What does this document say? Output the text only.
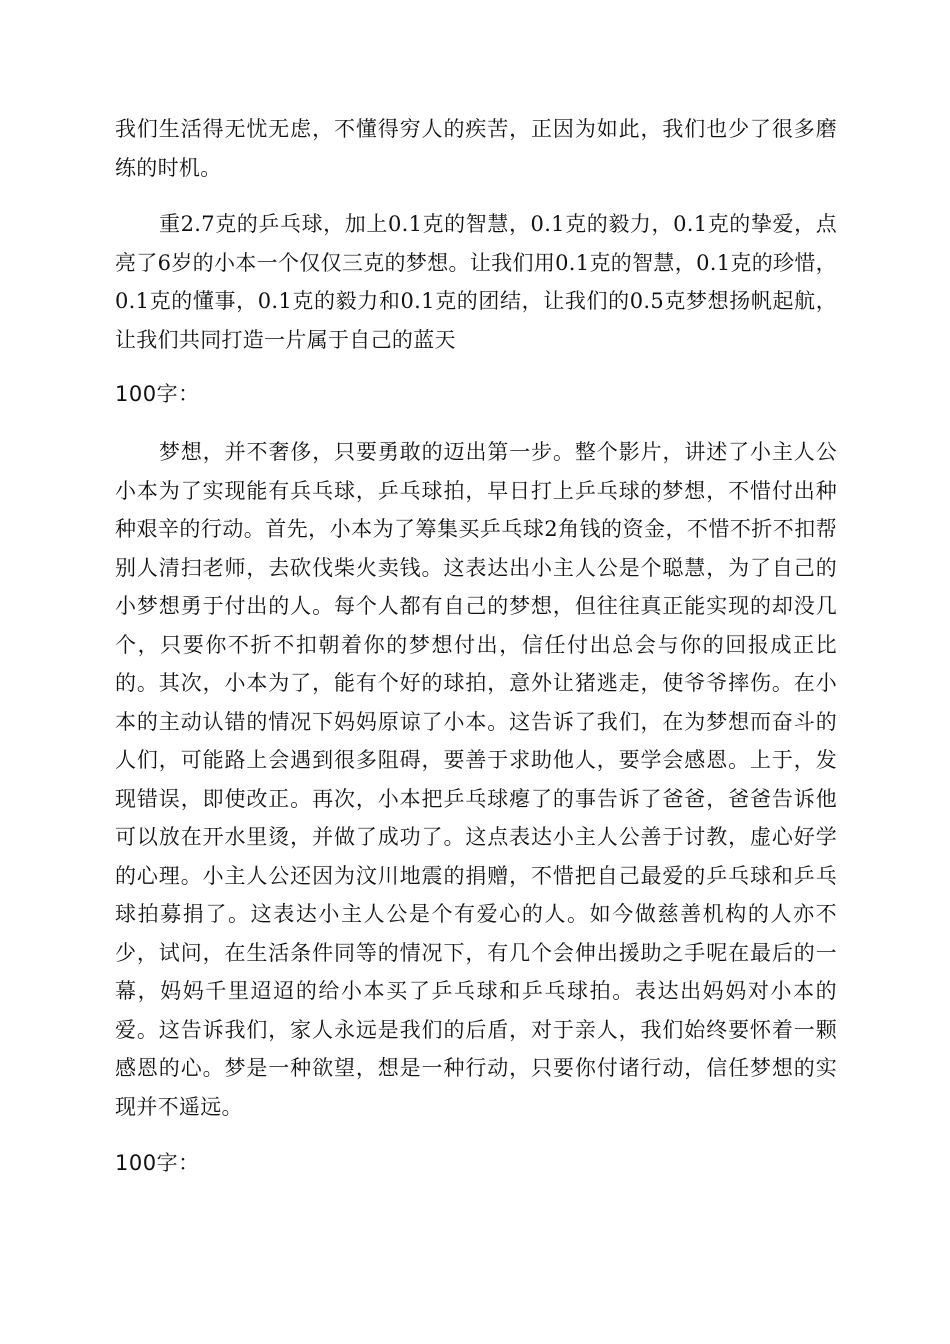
我们生活得无忧无虑，不懂得穷人的疾苦，正因为如此，我们也少了很多磨练的时机。

重2.7克的乒乓球，加上0.1克的智慧，0.1克的毅力，0.1克的挚爱，点亮了6岁的小本一个仅仅三克的梦想。让我们用0.1克的智慧，0.1克的珍惜，0.1克的懂事，0.1克的毅力和0.1克的团结，让我们的0.5克梦想扬帆起航，让我们共同打造一片属于自己的蓝天

100字：

梦想，并不奢侈，只要勇敢的迈出第一步。整个影片，讲述了小主人公小本为了实现能有兵乓球，乒乓球拍，早日打上乒乓球的梦想，不惜付出种种艰辛的行动。首先，小本为了筹集买乒乓球2角钱的资金，不惜不折不扣帮别人清扫老师，去砍伐柴火卖钱。这表达出小主人公是个聪慧，为了自己的小梦想勇于付出的人。每个人都有自己的梦想，但往往真正能实现的却没几个，只要你不折不扣朝着你的梦想付出，信任付出总会与你的回报成正比的。其次，小本为了，能有个好的球拍，意外让猪逃走，使爷爷摔伤。在小本的主动认错的情况下妈妈原谅了小本。这告诉了我们，在为梦想而奋斗的人们，可能路上会遇到很多阻碍，要善于求助他人，要学会感恩。上于，发现错误，即使改正。再次，小本把乒乓球瘪了的事告诉了爸爸，爸爸告诉他可以放在开水里烫，并做了成功了。这点表达小主人公善于讨教，虚心好学的心理。小主人公还因为汶川地震的捐赠，不惜把自己最爱的乒乓球和乒乓球拍募捐了。这表达小主人公是个有爱心的人。如今做慈善机构的人亦不少，试问，在生活条件同等的情况下，有几个会伸出援助之手呢在最后的一幕，妈妈千里迢迢的给小本买了乒乓球和乒乓球拍。表达出妈妈对小本的爱。这告诉我们，家人永远是我们的后盾，对于亲人，我们始终要怀着一颗感恩的心。梦是一种欲望，想是一种行动，只要你付诸行动，信任梦想的实现并不遥远。

100字：
